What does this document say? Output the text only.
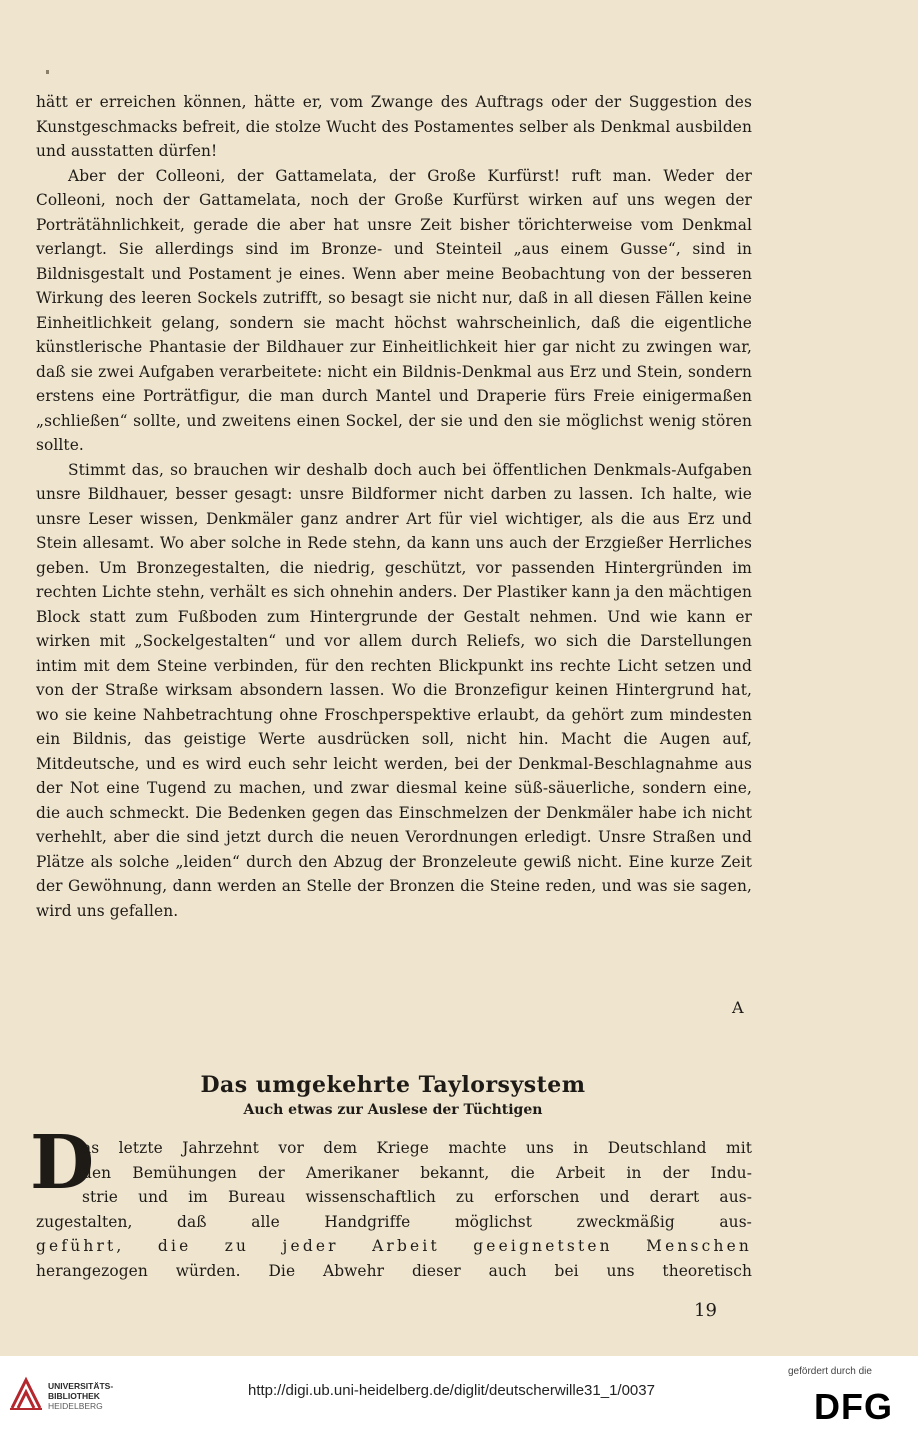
hätt er erreichen können, hätte er, vom Zwange des Auftrags oder der Suggestion des Kunstgeschmacks befreit, die stolze Wucht des Postamentes selber als Denkmal ausbilden und ausstatten dürfen!

Aber der Colleoni, der Gattamelata, der Große Kurfürst! ruft man. Weder der Colleoni, noch der Gattamelata, noch der Große Kurfürst wirken auf uns wegen der Porträtähnlichkeit, gerade die aber hat unsre Zeit bisher törichterweise vom Denkmal verlangt. Sie allerdings sind im Bronze- und Steinteil „aus einem Gusse“, sind in Bildnisgestalt und Postament je eines. Wenn aber meine Beobachtung von der besseren Wirkung des leeren Sockels zutrifft, so besagt sie nicht nur, daß in all diesen Fällen keine Einheitlichkeit gelang, sondern sie macht höchst wahrscheinlich, daß die eigentliche künstlerische Phantasie der Bildhauer zur Einheitlichkeit hier gar nicht zu zwingen war, daß sie zwei Aufgaben verarbeitete: nicht ein Bildnis-Denkmal aus Erz und Stein, sondern erstens eine Porträtfigur, die man durch Mantel und Draperie fürs Freie einigermaßen „schließen“ sollte, und zweitens einen Sockel, der sie und den sie möglichst wenig stören sollte.

Stimmt das, so brauchen wir deshalb doch auch bei öffentlichen Denkmals-Aufgaben unsre Bildhauer, besser gesagt: unsre Bildformer nicht darben zu lassen. Ich halte, wie unsre Leser wissen, Denkmäler ganz andrer Art für viel wichtiger, als die aus Erz und Stein allesamt. Wo aber solche in Rede stehn, da kann uns auch der Erzgießer Herrliches geben. Um Bronzegestalten, die niedrig, geschützt, vor passenden Hintergründen im rechten Lichte stehn, verhält es sich ohnehin anders. Der Plastiker kann ja den mächtigen Block statt zum Fußboden zum Hintergrunde der Gestalt nehmen. Und wie kann er wirken mit „Sockelgestalten“ und vor allem durch Reliefs, wo sich die Darstellungen intim mit dem Steine verbinden, für den rechten Blickpunkt ins rechte Licht setzen und von der Straße wirksam absondern lassen. Wo die Bronzefigur keinen Hintergrund hat, wo sie keine Nahbetrachtung ohne Froschperspektive erlaubt, da gehört zum mindesten ein Bildnis, das geistige Werte ausdrücken soll, nicht hin. Macht die Augen auf, Mitdeutsche, und es wird euch sehr leicht werden, bei der Denkmal-Beschlagnahme aus der Not eine Tugend zu machen, und zwar diesmal keine süß-säuerliche, sondern eine, die auch schmeckt. Die Bedenken gegen das Einschmelzen der Denkmäler habe ich nicht verhehlt, aber die sind jetzt durch die neuen Verordnungen erledigt. Unsre Straßen und Plätze als solche „leiden“ durch den Abzug der Bronzeleute gewiß nicht. Eine kurze Zeit der Gewöhnung, dann werden an Stelle der Bronzen die Steine reden, und was sie sagen, wird uns gefallen.

A
Das umgekehrte Taylorsystem
Auch etwas zur Auslese der Tüchtigen
D
as letzte Jahrzehnt vor dem Kriege machte uns in Deutschland mit
den Bemühungen der Amerikaner bekannt, die Arbeit in der Indu-
strie und im Bureau wissenschaftlich zu erforschen und derart aus-
zugestalten, daß alle Handgriffe möglichst zweckmäßig aus-
geführt, die zu jeder Arbeit geeignetsten Menschen
herangezogen würden. Die Abwehr dieser auch bei uns theoretisch
19
UNIVERSITÄTS-
BIBLIOTHEK
HEIDELBERG
http://digi.ub.uni-heidelberg.de/diglit/deutscherwille31_1/0037
gefördert durch die
DFG
